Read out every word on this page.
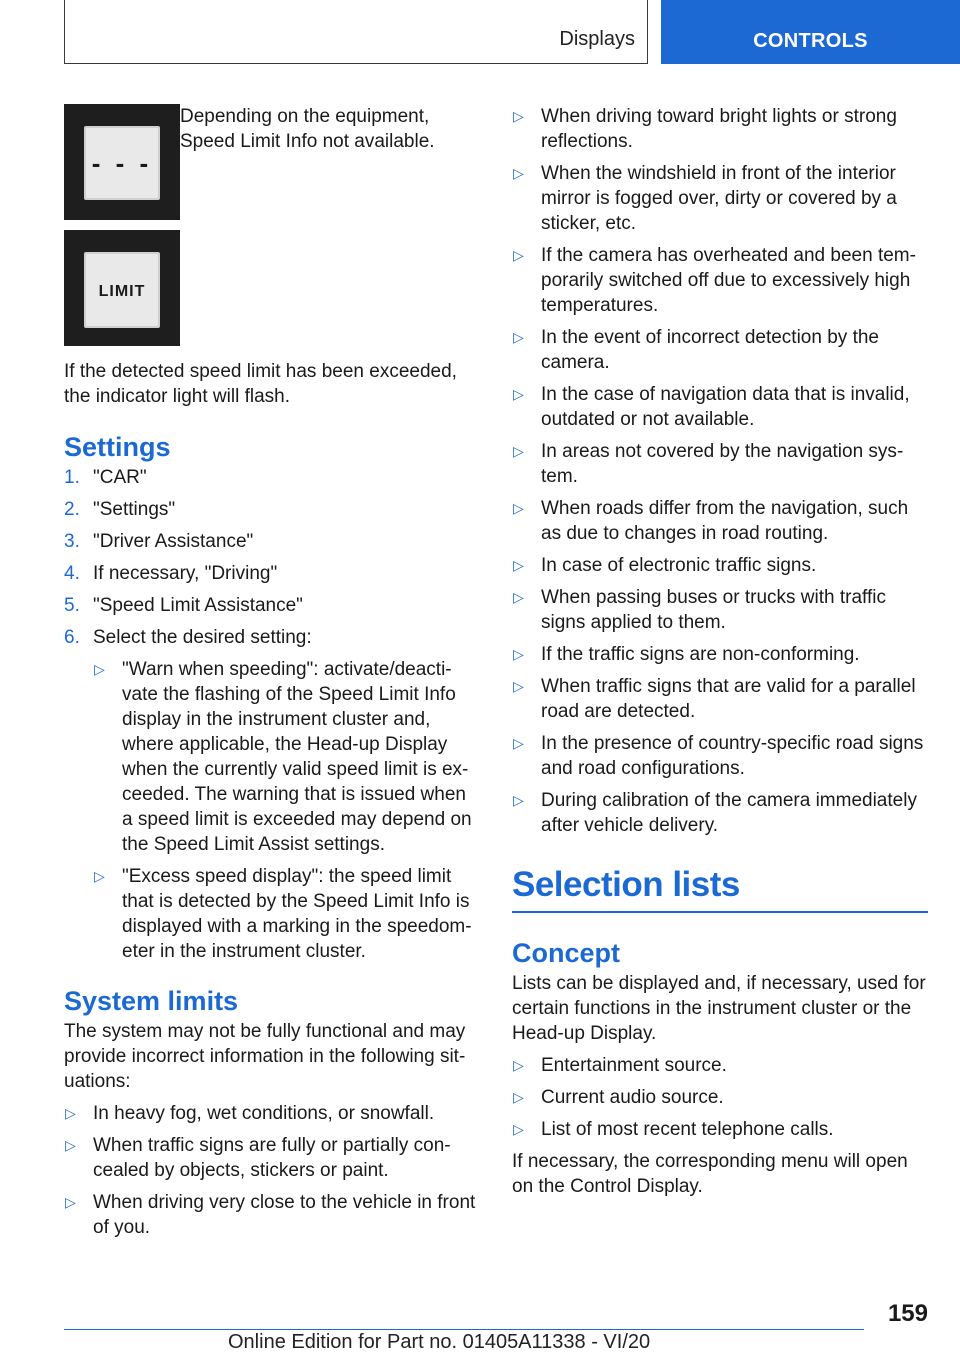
Displays	CONTROLS
- - -

Depending on the equipment, Speed Limit Info not available.

LIMIT

If the detected speed limit has been exceeded, the indicator light will flash.

Settings
1. "CAR"
2. "Settings"
3. "Driver Assistance"
4. If necessary, "Driving"
5. "Speed Limit Assistance"
6. Select the desired setting:
▷ "Warn when speeding": activate/deactivate the flashing of the Speed Limit Info display in the instrument cluster and, where applicable, the Head-up Display when the currently valid speed limit is exceeded. The warning that is issued when a speed limit is exceeded may depend on the Speed Limit Assist settings.
▷ "Excess speed display": the speed limit that is detected by the Speed Limit Info is displayed with a marking in the speedometer in the instrument cluster.
System limits

The system may not be fully functional and may provide incorrect information in the following situations:

▷ In heavy fog, wet conditions, or snowfall.
▷ When traffic signs are fully or partially concealed by objects, stickers or paint.
▷ When driving very close to the vehicle in front of you.
▷ When driving toward bright lights or strong reflections.
▷ When the windshield in front of the interior mirror is fogged over, dirty or covered by a sticker, etc.
▷ If the camera has overheated and been temporarily switched off due to excessively high temperatures.
▷ In the event of incorrect detection by the camera.
▷ In the case of navigation data that is invalid, outdated or not available.
▷ In areas not covered by the navigation system.
▷ When roads differ from the navigation, such as due to changes in road routing.
▷ In case of electronic traffic signs.
▷ When passing buses or trucks with traffic signs applied to them.
▷ If the traffic signs are non-conforming.
▷ When traffic signs that are valid for a parallel road are detected.
▷ In the presence of country-specific road signs and road configurations.
▷ During calibration of the camera immediately after vehicle delivery.
Selection lists
Concept

Lists can be displayed and, if necessary, used for certain functions in the instrument cluster or the Head-up Display.

▷ Entertainment source.
▷ Current audio source.
▷ List of most recent telephone calls.

If necessary, the corresponding menu will open on the Control Display.

159
Online Edition for Part no. 01405A11338 - VI/20
